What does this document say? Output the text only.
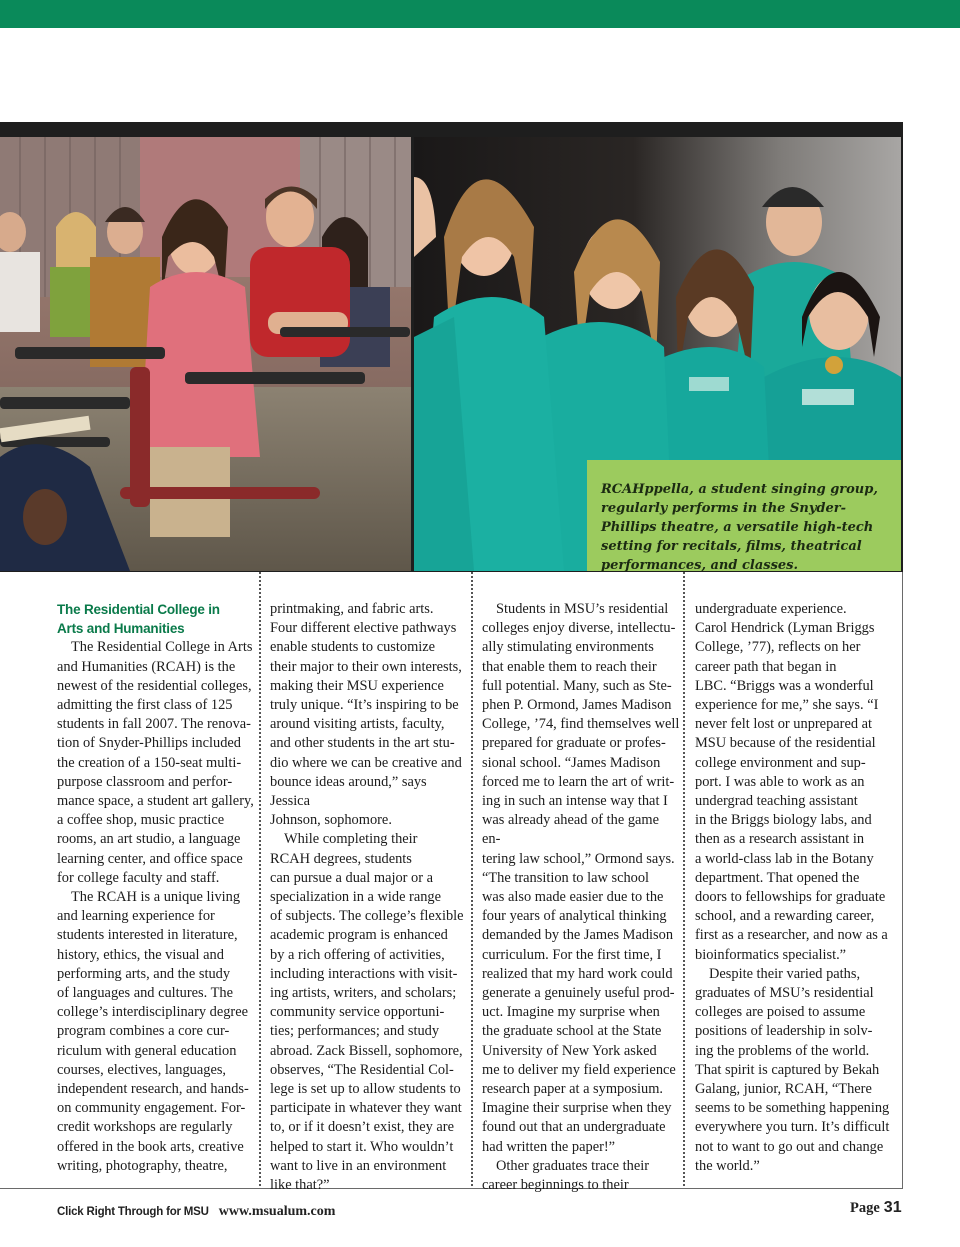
RCAHppella, a student singing group, regularly performs in the Snyder-Phillips theatre, a versatile high-tech setting for recitals, films, theatrical performances, and classes.

The Residential College in

Arts and Humanities

The Residential College in Arts

and Humanities (RCAH) is the

newest of the residential colleges,

admitting the first class of 125

students in fall 2007. The renova-

tion of Snyder-Phillips included

the creation of a 150-seat multi-

purpose classroom and perfor-

mance space, a student art gallery,

a coffee shop, music practice

rooms, an art studio, a language

learning center, and office space

for college faculty and staff.

The RCAH is a unique living

and learning experience for

students interested in literature,

history, ethics, the visual and

performing arts, and the study

of languages and cultures. The

college’s interdisciplinary degree

program combines a core cur-

riculum with general education

courses, electives, languages,

independent research, and hands-

on community engagement. For-

credit workshops are regularly

offered in the book arts, creative

writing, photography, theatre,

printmaking, and fabric arts.

Four different elective pathways

enable students to customize

their major to their own interests,

making their MSU experience

truly unique. “It’s inspiring to be

around visiting artists, faculty,

and other students in the art stu-

dio where we can be creative and

bounce ideas around,” says Jessica

Johnson, sophomore.

While completing their

RCAH degrees, students

can pursue a dual major or a

specialization in a wide range

of subjects. The college’s flexible

academic program is enhanced

by a rich offering of activities,

including interactions with visit-

ing artists, writers, and scholars;

community service opportuni-

ties; performances; and study

abroad. Zack Bissell, sophomore,

observes, “The Residential Col-

lege is set up to allow students to

participate in whatever they want

to, or if it doesn’t exist, they are

helped to start it. Who wouldn’t

want to live in an environment

like that?”

Students in MSU’s residential

colleges enjoy diverse, intellectu-

ally stimulating environments

that enable them to reach their

full potential. Many, such as Ste-

phen P. Ormond, James Madison

College, ’74, find themselves well

prepared for graduate or profes-

sional school. “James Madison

forced me to learn the art of writ-

ing in such an intense way that I

was already ahead of the game en-

tering law school,” Ormond says.

“The transition to law school

was also made easier due to the

four years of analytical thinking

demanded by the James Madison

curriculum. For the first time, I

realized that my hard work could

generate a genuinely useful prod-

uct. Imagine my surprise when

the graduate school at the State

University of New York asked

me to deliver my field experience

research paper at a symposium.

Imagine their surprise when they

found out that an undergraduate

had written the paper!”

Other graduates trace their

career beginnings to their

undergraduate experience.

Carol Hendrick (Lyman Briggs

College, ’77), reflects on her

career path that began in

LBC. “Briggs was a wonderful

experience for me,” she says. “I

never felt lost or unprepared at

MSU because of the residential

college environment and sup-

port. I was able to work as an

undergrad teaching assistant

in the Briggs biology labs, and

then as a research assistant in

a world-class lab in the Botany

department. That opened the

doors to fellowships for graduate

school, and a rewarding career,

first as a researcher, and now as a

bioinformatics specialist.”

Despite their varied paths,

graduates of MSU’s residential

colleges are poised to assume

positions of leadership in solv-

ing the problems of the world.

That spirit is captured by Bekah

Galang, junior, RCAH, “There

seems to be something happening

everywhere you turn. It’s difficult

not to want to go out and change

the world.”

Click Right Through for MSU www.msualum.com	Page 31
